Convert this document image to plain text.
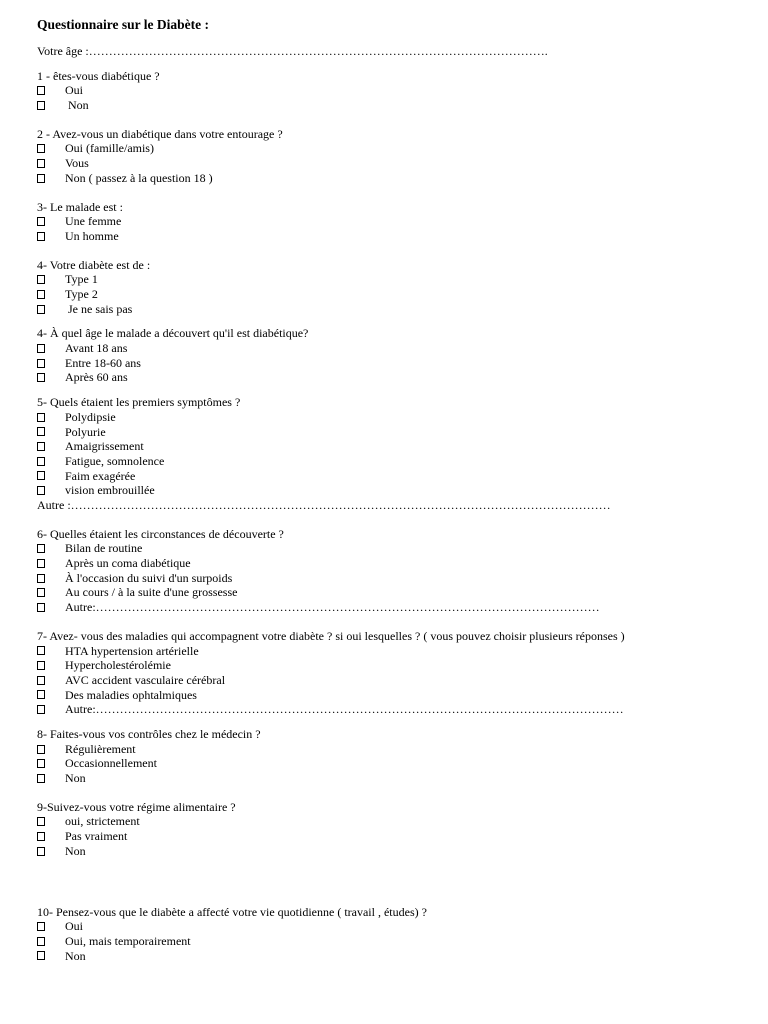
Questionnaire sur le Diabète :
Votre âge :…………………………………………………………………………………………………….
1 - êtes-vous diabétique ?
Oui
Non
2 - Avez-vous un diabétique dans votre entourage ?
Oui (famille/amis)
Vous
Non ( passez à la question 18 )
3- Le malade est :
Une femme
Un homme
4- Votre diabète est de :
Type 1
Type 2
Je ne sais pas
4- À quel âge le malade a découvert qu'il est diabétique?
Avant 18 ans
Entre 18-60 ans
Après 60 ans
5- Quels étaient les premiers symptômes ?
Polydipsie
Polyurie
Amaigrissement
Fatigue, somnolence
Faim exagérée
vision embrouillée
Autre :………………………………………………………………………………………………………………………
6- Quelles étaient les circonstances de découverte ?
Bilan de routine
Après un coma diabétique
À l'occasion du suivi d'un surpoids
Au cours / à la suite d'une grossesse
Autre:………………………………………………………………………………………………………………
7- Avez- vous des maladies qui accompagnent votre diabète ? si oui lesquelles ? ( vous pouvez choisir plusieurs réponses )
HTA hypertension artérielle
Hypercholestérolémie
AVC accident vasculaire cérébral
Des maladies ophtalmiques
Autre:……………………………………………………………………………………………………………………
8- Faites-vous vos contrôles chez le médecin ?
Régulièrement
Occasionnellement
Non
9-Suivez-vous votre régime alimentaire ?
oui, strictement
Pas vraiment
Non
10- Pensez-vous que le diabète a affecté votre vie quotidienne ( travail , études) ?
Oui
Oui, mais temporairement
Non
